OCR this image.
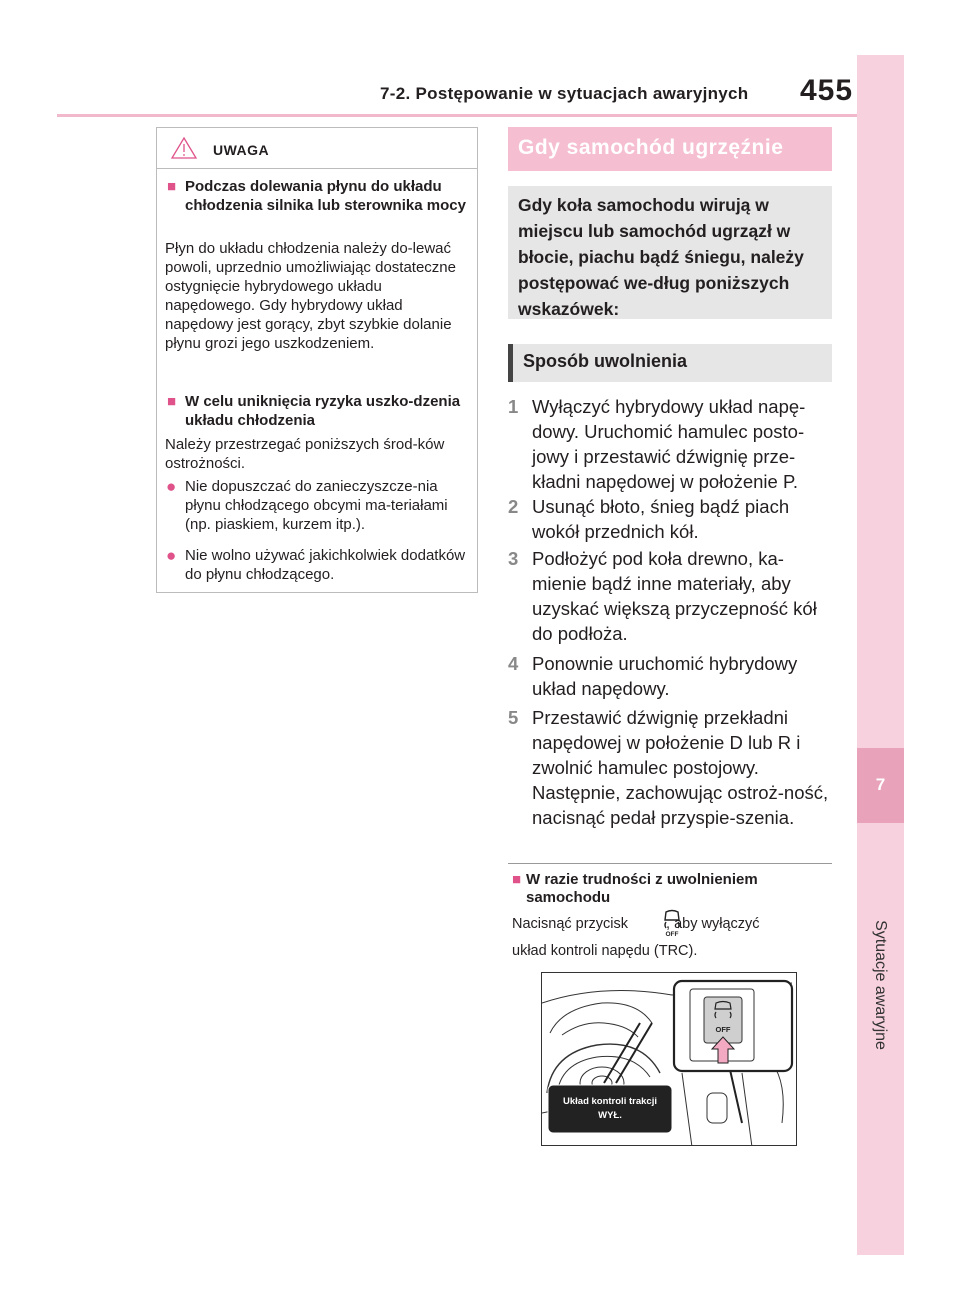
7
Sytuacje awaryjne
7-2. Postępowanie w sytuacjach awaryjnych 455
UWAGA
■ Podczas dolewania płynu do układu chłodzenia silnika lub sterownika mocy
Płyn do układu chłodzenia należy do-lewać powoli, uprzednio umożliwiając dostateczne ostygnięcie hybrydowego układu napędowego. Gdy hybrydowy układ napędowy jest gorący, zbyt szybkie dolanie płynu grozi jego uszkodzeniem.
■ W celu uniknięcia ryzyka uszko-dzenia układu chłodzenia
Należy przestrzegać poniższych środ-ków ostrożności.
● Nie dopuszczać do zanieczyszcze-nia płynu chłodzącego obcymi ma-teriałami (np. piaskiem, kurzem itp.).
● Nie wolno używać jakichkolwiek dodatków do płynu chłodzącego.
Gdy samochód ugrzęźnie
Gdy koła samochodu wirują w miejscu lub samochód ugrzązł w błocie, piachu bądź śniegu, należy postępować we-dług poniższych wskazówek:
Sposób uwolnienia
1 Wyłączyć hybrydowy układ napę-dowy. Uruchomić hamulec posto-jowy i przestawić dźwignię prze-kładni napędowej w położenie P.
2 Usunąć błoto, śnieg bądź piach wokół przednich kół.
3 Podłożyć pod koła drewno, ka-mienie bądź inne materiały, aby uzyskać większą przyczepność kół do podłoża.
4 Ponownie uruchomić hybrydowy układ napędowy.
5 Przestawić dźwignię przekładni napędowej w położenie D lub R i zwolnić hamulec postojowy. Następnie, zachowując ostroż-ność, nacisnąć pedał przyspie-szenia.
■ W razie trudności z uwolnieniem samochodu
Nacisnąć przycisk	, aby wyłączyć
OFF
układ kontroli napędu (TRC).
OFF
Układ kontroli trakcji
WYŁ.
